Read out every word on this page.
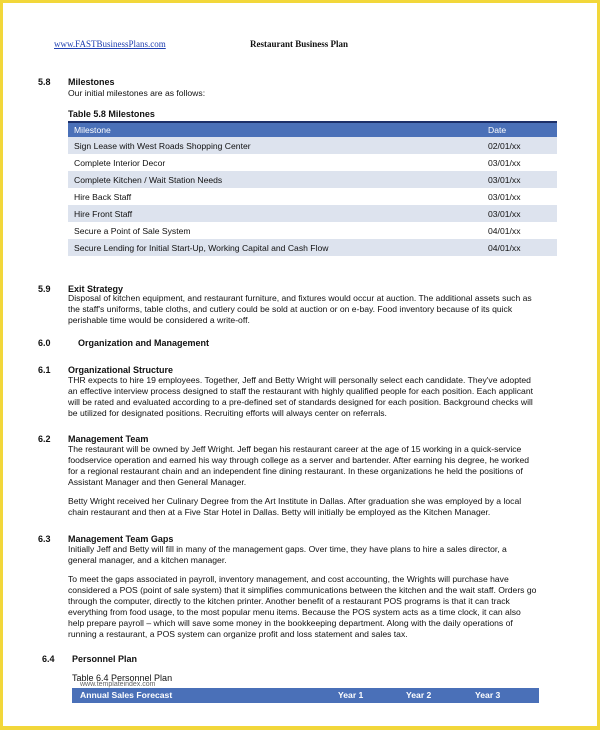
www.FASTBusinessPlans.com	Restaurant Business Plan
5.8 Milestones
Our initial milestones are as follows:
Table 5.8 Milestones
Milestone	Date
Sign Lease with West Roads Shopping Center	02/01/xx
Complete Interior Decor	03/01/xx
Complete Kitchen / Wait Station Needs	03/01/xx
Hire Back Staff	03/01/xx
Hire Front Staff	03/01/xx
Secure a Point of Sale System	04/01/xx
Secure Lending for Initial Start-Up, Working Capital and Cash Flow	04/01/xx
5.9 Exit Strategy
Disposal of kitchen equipment, and restaurant furniture, and fixtures would occur at auction. The additional assets such as
the staff's uniforms, table cloths, and cutlery could be sold at auction or on e-bay. Food inventory because of its quick
perishable time would be considered a write-off.
6.0	Organization and Management
6.1 Organizational Structure
THR expects to hire 19 employees. Together, Jeff and Betty Wright will personally select each candidate. They've adopted
an effective interview process designed to staff the restaurant with highly qualified people for each position. Each applicant
will be rated and evaluated according to a pre-defined set of standards designed for each position. Background checks will
be utilized for designated positions. Recruiting efforts will always center on referrals.
6.2 Management Team
The restaurant will be owned by Jeff Wright. Jeff began his restaurant career at the age of 15 working in a quick-service
foodservice operation and earned his way through college as a server and bartender. After earning his degree, he worked
for a regional restaurant chain and an independent fine dining restaurant. In these organizations he held the positions of
Assistant Manager and then General Manager.
Betty Wright received her Culinary Degree from the Art Institute in Dallas. After graduation she was employed by a local
chain restaurant and then at a Five Star Hotel in Dallas. Betty will initially be employed as the Kitchen Manager.
6.3 Management Team Gaps
Initially Jeff and Betty will fill in many of the management gaps. Over time, they have plans to hire a sales director, a
general manager, and a kitchen manager.
To meet the gaps associated in payroll, inventory management, and cost accounting, the Wrights will purchase have
considered a POS (point of sale system) that it simplifies communications between the kitchen and the wait staff. Orders go
through the computer, directly to the kitchen printer. Another benefit of a restaurant POS programs is that it can track
everything from food usage, to the most popular menu items. Because the POS system acts as a time clock, it can also
help prepare payroll – which will save some money in the bookkeeping department. Along with the daily operations of
running a restaurant, a POS system can organize profit and loss statement and sales tax.
6.4 Personnel Plan
Table 6.4 Personnel Plan
www.templateindex.com
Annual Sales Forecast	Year 1	Year 2	Year 3
